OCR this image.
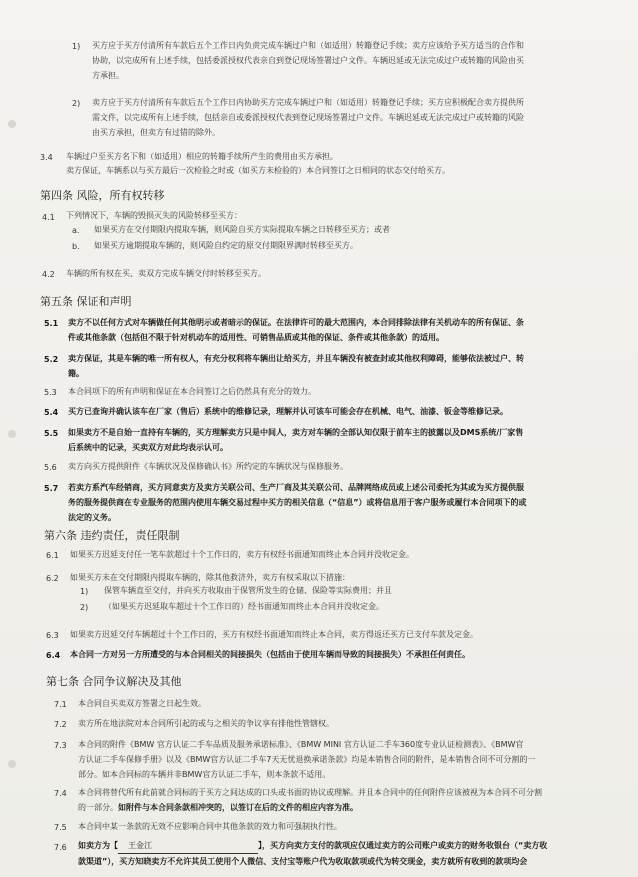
1) 买方应于买方付清所有车款后五个工作日内负责完成车辆过户和（如适用）转籍登记手续；卖方应该给予买方适当的合作和
协助，以完成所有上述手续，包括委派授权代表亲自到登记现场签署过户文件。车辆迟延或无法完成过户或转籍的风险由买
方承担。
2) 卖方应于买方付清所有车款后五个工作日内协助买方完成车辆过户和（如适用）转籍登记手续；买方应积极配合卖方提供所
需文件，以完成所有上述手续，包括亲自或委派授权代表到登记现场签署过户文件。车辆迟延或无法完成过户或转籍的风险
由买方承担，但卖方有过错的除外。
3.4 车辆过户至买方名下和（如适用）相应的转籍手续所产生的费用由买方承担。
卖方保证，车辆系以与买方最后一次检验之时或（如买方未检验的）本合同签订之日相同的状态交付给买方。
第四条 风险，所有权转移
4.1 下列情况下，车辆的毁损灭失的风险转移至买方：
a. 如果买方在交付期限内提取车辆，则风险自买方实际提取车辆之日转移至买方；或者
b. 如果买方逾期提取车辆的，则风险自约定的原交付期限界满时转移至买方。
4.2 车辆的所有权在买、卖双方完成车辆交付时转移至买方。
第五条 保证和声明
5.1 卖方不以任何方式对车辆做任何其他明示或者暗示的保证。在法律许可的最大范围内，本合同排除法律有关机动车的所有保证、条
件或其他条款（包括但不限于针对机动车的适用性、可销售品质或其他的保证、条件或其他条款）的适用。
5.2 卖方保证，其是车辆的唯一所有权人，有充分权利将车辆出让给买方，并且车辆没有被查封或其他权利障碍，能够依法被过户、转
籍。
5.3 本合同项下的所有声明和保证在本合同签订之后仍然具有充分的效力。
5.4 买方已查询并确认该车在厂家（售后）系统中的维修记录，理解并认可该车可能会存在机械、电气、油漆、钣金等维修记录。
5.5 如果卖方不是自始一直持有车辆的，买方理解卖方只是中间人，卖方对车辆的全部认知仅限于前车主的披露以及DMS系统/厂家售
后系统中的记录，买卖双方对此均表示认可。
5.6 卖方向买方提供附件《车辆状况及保修确认书》所约定的车辆状况与保修服务。
5.7 若卖方系汽车经销商，买方同意卖方及卖方关联公司、生产厂商及其关联公司、品牌网络成员或上述公司委托为其或为买方提供服
务的服务提供商在专业服务的范围内使用车辆交易过程中买方的相关信息（“信息”）或将信息用于客户服务或履行本合同项下的或
法定的义务。
第六条 违约责任，责任限制
6.1 如果买方迟延支付任一笔车款超过十个工作日的，卖方有权经书面通知而终止本合同并没收定金。
6.2 如果买方未在交付期限内提取车辆的，除其他救济外，卖方有权采取以下措施：
1) 保管车辆直至交付，并向买方收取由于保管所发生的仓储、保险等实际费用；并且
2) （如果买方迟延取车超过十个工作日的）经书面通知而终止本合同并没收定金。
6.3 如果卖方迟延交付车辆超过十个工作日的，买方有权经书面通知而终止本合同，卖方得返还买方已支付车款及定金。
6.4 本合同一方对另一方所遭受的与本合同相关的间接损失（包括由于使用车辆而导致的间接损失）不承担任何责任。
第七条 合同争议解决及其他
7.1 本合同自买卖双方签署之日起生效。
7.2 卖方所在地法院对本合同所引起的或与之相关的争议享有排他性管辖权。
7.3 本合同的附件《BMW 官方认证二手车品质及服务承诺标准》、《BMW MINI 官方认证二手车360度专业认证检测表》、《BMW官
方认证二手车保修手册》以及《BMW官方认证二手车7天无忧退换承诺条款》均是本销售合同的附件，是本销售合同不可分割的一
部分。如本合同标的车辆并非BMW官方认证二手车，则本条款不适用。
7.4 本合同将替代所有此前就合同标的于买方之间达成的口头或书面的协议或理解。并且本合同中的任何附件应该被视为本合同不可分割
的一部分。如附件与本合同条款相冲突的，以签订在后的文件的相应内容为准。
7.5 本合同中某一条款的无效不应影响合同中其他条款的效力和可强制执行性。
7.6 如卖方为【 王金江	】，买方向卖方支付的款项应仅通过卖方的公司账户或卖方的财务收银台（“卖方收
款渠道”），买方知晓卖方不允许其员工使用个人微信、支付宝等账户代为收取款项或代为转交现金，卖方就所有收到的款项均会
